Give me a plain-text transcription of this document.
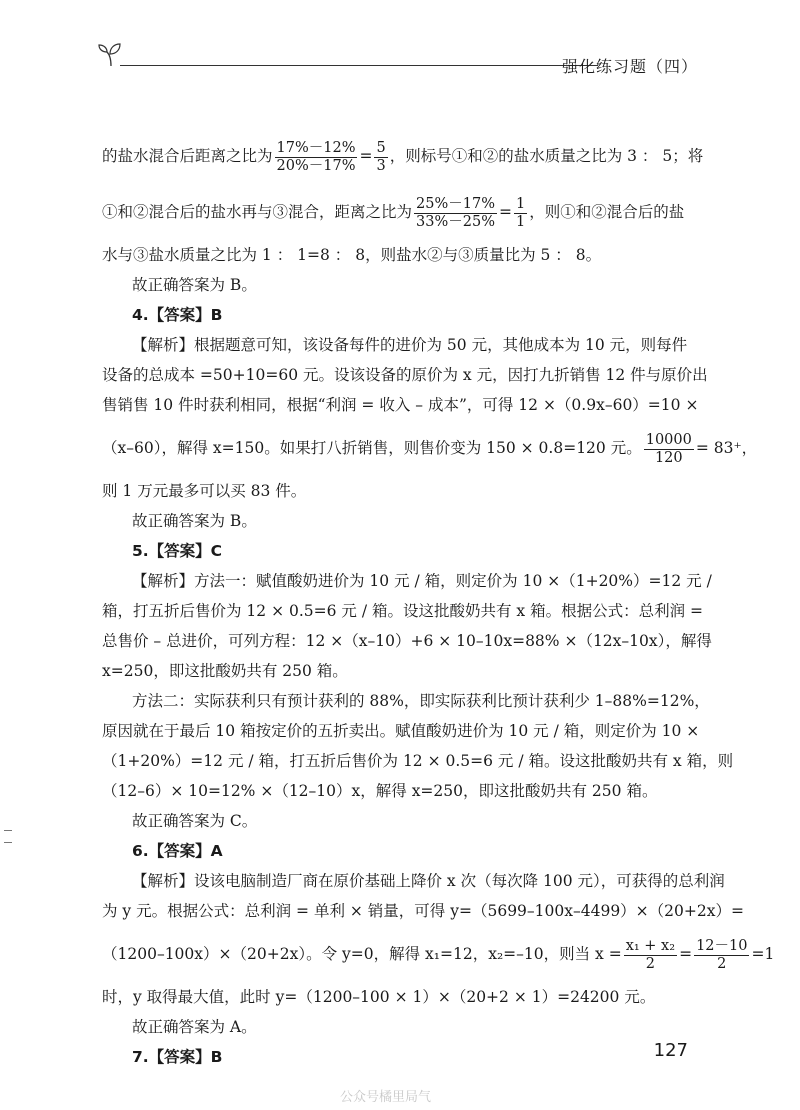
强化练习题（四）
的盐水混合后距离之比为 $\frac{17\%-12\%}{20\%-17\%} = \frac{5}{3}$ ，则标号①和②的盐水质量之比为 3 ： 5；将
①和②混合后的盐水再与③混合，距离之比为 $\frac{25\%-17\%}{33\%-25\%} = \frac{1}{1}$ ，则①和②混合后的盐
水与③盐水质量之比为 1 ： 1=8 ： 8，则盐水②与③质量比为 5 ： 8。
故正确答案为 B。
4.【答案】B
【解析】根据题意可知，该设备每件的进价为 50 元，其他成本为 10 元，则每件
设备的总成本 =50+10=60 元。设该设备的原价为 x 元，因打九折销售 12 件与原价出
售销售 10 件时获利相同，根据“利润 = 收入 – 成本”，可得 12 ×（0.9x–60）=10 ×
（x–60），解得 x=150。如果打八折销售，则售价变为 150 × 0.8=120 元。 $\frac{10000}{120} = 83^+$，
则 1 万元最多可以买 83 件。
故正确答案为 B。
5.【答案】C
【解析】方法一：赋值酸奶进价为 10 元 / 箱，则定价为 10 ×（1+20%）=12 元 /
箱，打五折后售价为 12 × 0.5=6 元 / 箱。设这批酸奶共有 x 箱。根据公式：总利润 =
总售价 – 总进价，可列方程：12 ×（x–10）+6 × 10–10x=88% ×（12x–10x），解得
x=250，即这批酸奶共有 250 箱。
方法二：实际获利只有预计获利的 88%，即实际获利比预计获利少 1–88%=12%，
原因就在于最后 10 箱按定价的五折卖出。赋值酸奶进价为 10 元 / 箱，则定价为 10 ×
（1+20%）=12 元 / 箱，打五折后售价为 12 × 0.5=6 元 / 箱。设这批酸奶共有 x 箱，则
（12–6）× 10=12% ×（12–10）x，解得 x=250，即这批酸奶共有 250 箱。
故正确答案为 C。
6.【答案】A
【解析】设该电脑制造厂商在原价基础上降价 x 次（每次降 100 元），可获得的总利润
为 y 元。根据公式：总利润 = 单利 × 销量，可得 y=（5699–100x–4499）×（20+2x）=
（1200–100x）×（20+2x）。令 y=0，解得 x₁=12，x₂=–10，则当 $x = \frac{\text{x₁ + x₂}}{2} = \frac{12-10}{2} =1$
时，y 取得最大值，此时 y=（1200–100 × 1）×（20+2 × 1）=24200 元。
故正确答案为 A。
7.【答案】B	127
公众号橘里局气
